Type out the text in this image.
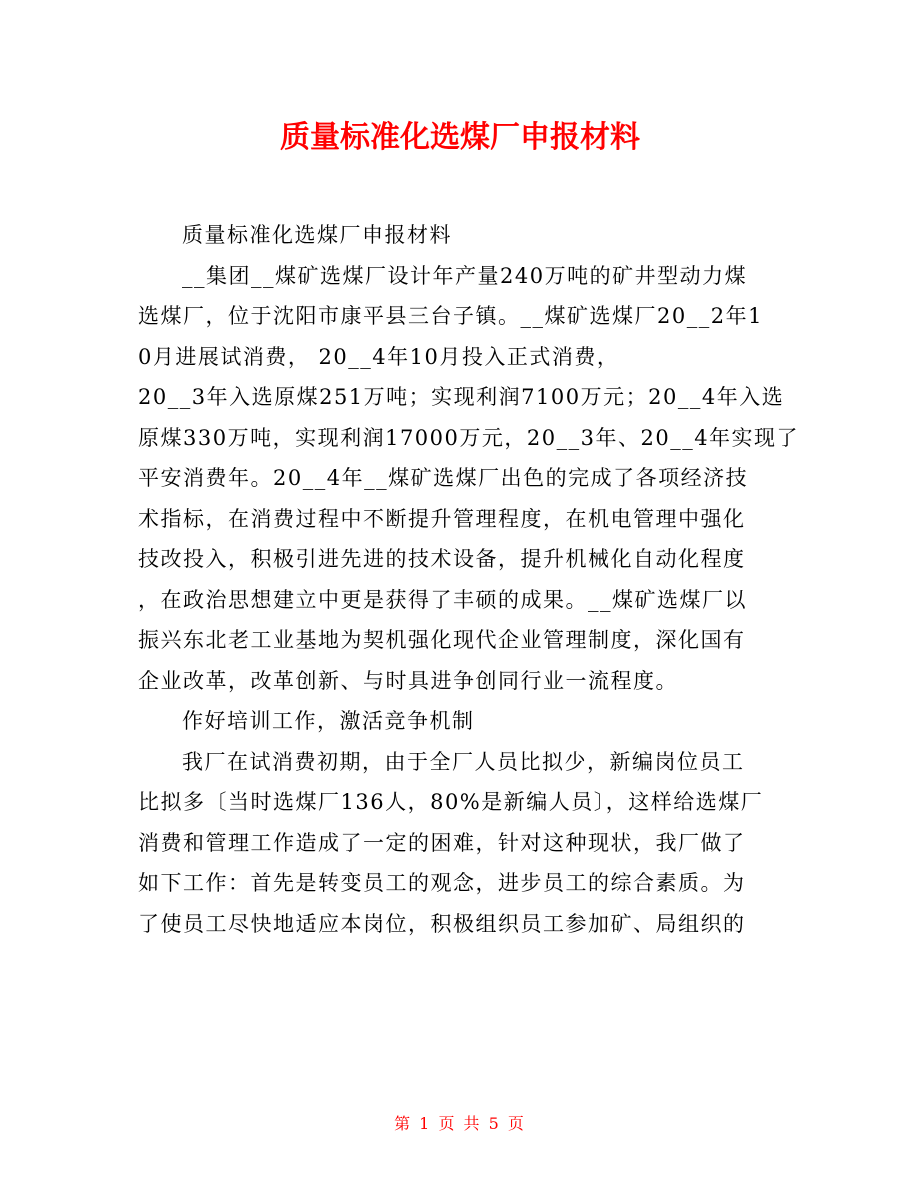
质量标准化选煤厂申报材料
质量标准化选煤厂申报材料
__集团__煤矿选煤厂设计年产量240万吨的矿井型动力煤
选煤厂，位于沈阳市康平县三台子镇。__煤矿选煤厂20__2年1
0月进展试消费， 20__4年10月投入正式消费，
20__3年入选原煤251万吨；实现利润7100万元；20__4年入选
原煤330万吨，实现利润17000万元，20__3年、20__4年实现了
平安消费年。20__4年__煤矿选煤厂出色的完成了各项经济技
术指标，在消费过程中不断提升管理程度，在机电管理中强化
技改投入，积极引进先进的技术设备，提升机械化自动化程度
，在政治思想建立中更是获得了丰硕的成果。__煤矿选煤厂以
振兴东北老工业基地为契机强化现代企业管理制度，深化国有
企业改革，改革创新、与时具进争创同行业一流程度。
作好培训工作，激活竞争机制
我厂在试消费初期，由于全厂人员比拟少，新编岗位员工
比拟多〔当时选煤厂136人，80%是新编人员〕，这样给选煤厂
消费和管理工作造成了一定的困难，针对这种现状，我厂做了
如下工作：首先是转变员工的观念，进步员工的综合素质。为
了使员工尽快地适应本岗位，积极组织员工参加矿、局组织的
第 1 页 共 5 页
